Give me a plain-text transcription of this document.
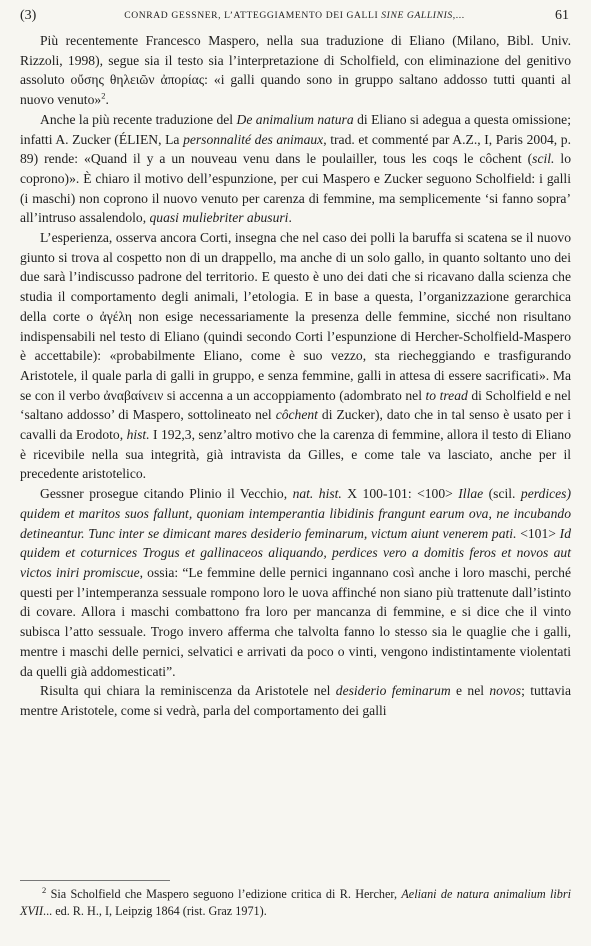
(3)	CONRAD GESSNER, L’ATTEGGIAMENTO DEI GALLI SINE GALLINIS,...	61

Più recentemente Francesco Maspero, nella sua traduzione di Eliano (Milano, Bibl. Univ. Rizzoli, 1998), segue sia il testo sia l’interpretazione di Scholfield, con eliminazione del genitivo assoluto οὔσης θηλειῶν ἀπορίας: «i galli quando sono in gruppo saltano addosso tutti quanti al nuovo venuto»$^2$.

Anche la più recente traduzione del De animalium natura di Eliano si adegua a questa omissione; infatti A. Zucker (ÉLIEN, La personnalité des animaux, trad. et commenté par A.Z., I, Paris 2004, p. 89) rende: «Quand il y a un nouveau venu dans le poulailler, tous les coqs le côchent (scil. lo coprono)». È chiaro il motivo dell’espunzione, per cui Maspero e Zucker seguono Scholfield: i galli (i maschi) non coprono il nuovo venuto per carenza di femmine, ma semplicemente ‘si fanno sopra’ all’intruso assalendolo, quasi muliebriter abusuri.

L’esperienza, osserva ancora Corti, insegna che nel caso dei polli la baruffa si scatena se il nuovo giunto si trova al cospetto non di un drappello, ma anche di un solo gallo, in quanto soltanto uno dei due sarà l’indiscusso padrone del territorio. E questo è uno dei dati che si ricavano dalla scienza che studia il comportamento degli animali, l’etologia. E in base a questa, l’organizzazione gerarchica della corte o ἀγέλη non esige necessariamente la presenza delle femmine, sicché non risultano indispensabili nel testo di Eliano (quindi secondo Corti l’espunzione di Hercher-Scholfield-Maspero è accettabile): «probabilmente Eliano, come è suo vezzo, sta riecheggiando e trasfigurando Aristotele, il quale parla di galli in gruppo, e senza femmine, galli in attesa di essere sacrificati». Ma se con il verbo ἀναβαίνειν si accenna a un accoppiamento (adombrato nel to tread di Scholfield e nel ‘saltano addosso’ di Maspero, sottolineato nel côchent di Zucker), dato che in tal senso è usato per i cavalli da Erodoto, hist. I 192,3, senz’altro motivo che la carenza di femmine, allora il testo di Eliano è ricevibile nella sua integrità, già intravista da Gilles, e come tale va lasciato, anche per il precedente aristotelico.

Gessner prosegue citando Plinio il Vecchio, nat. hist. X 100-101: <100> Illae (scil. perdices) quidem et maritos suos fallunt, quoniam intemperantia libidinis frangunt earum ova, ne incubando detineantur. Tunc inter se dimicant mares desiderio feminarum, victum aiunt venerem pati. <101> Id quidem et coturnices Trogus et gallinaceos aliquando, perdices vero a domitis feros et novos aut victos iniri promiscue, ossia: “Le femmine delle pernici ingannano così anche i loro maschi, perché questi per l’intemperanza sessuale rompono loro le uova affinché non siano più trattenute dall’istinto di covare. Allora i maschi combattono fra loro per mancanza di femmine, e si dice che il vinto subisca l’atto sessuale. Trogo invero afferma che talvolta fanno lo stesso sia le quaglie che i galli, mentre i maschi delle pernici, selvatici e arrivati da poco o vinti, vengono indistintamente violentati da quelli già addomesticati”.

Risulta qui chiara la reminiscenza da Aristotele nel desiderio feminarum e nel novos; tuttavia mentre Aristotele, come si vedrà, parla del comportamento dei galli

$^2$ Sia Scholfield che Maspero seguono l’edizione critica di R. Hercher, Aeliani de natura animalium libri XVII... ed. R. H., I, Leipzig 1864 (rist. Graz 1971).
